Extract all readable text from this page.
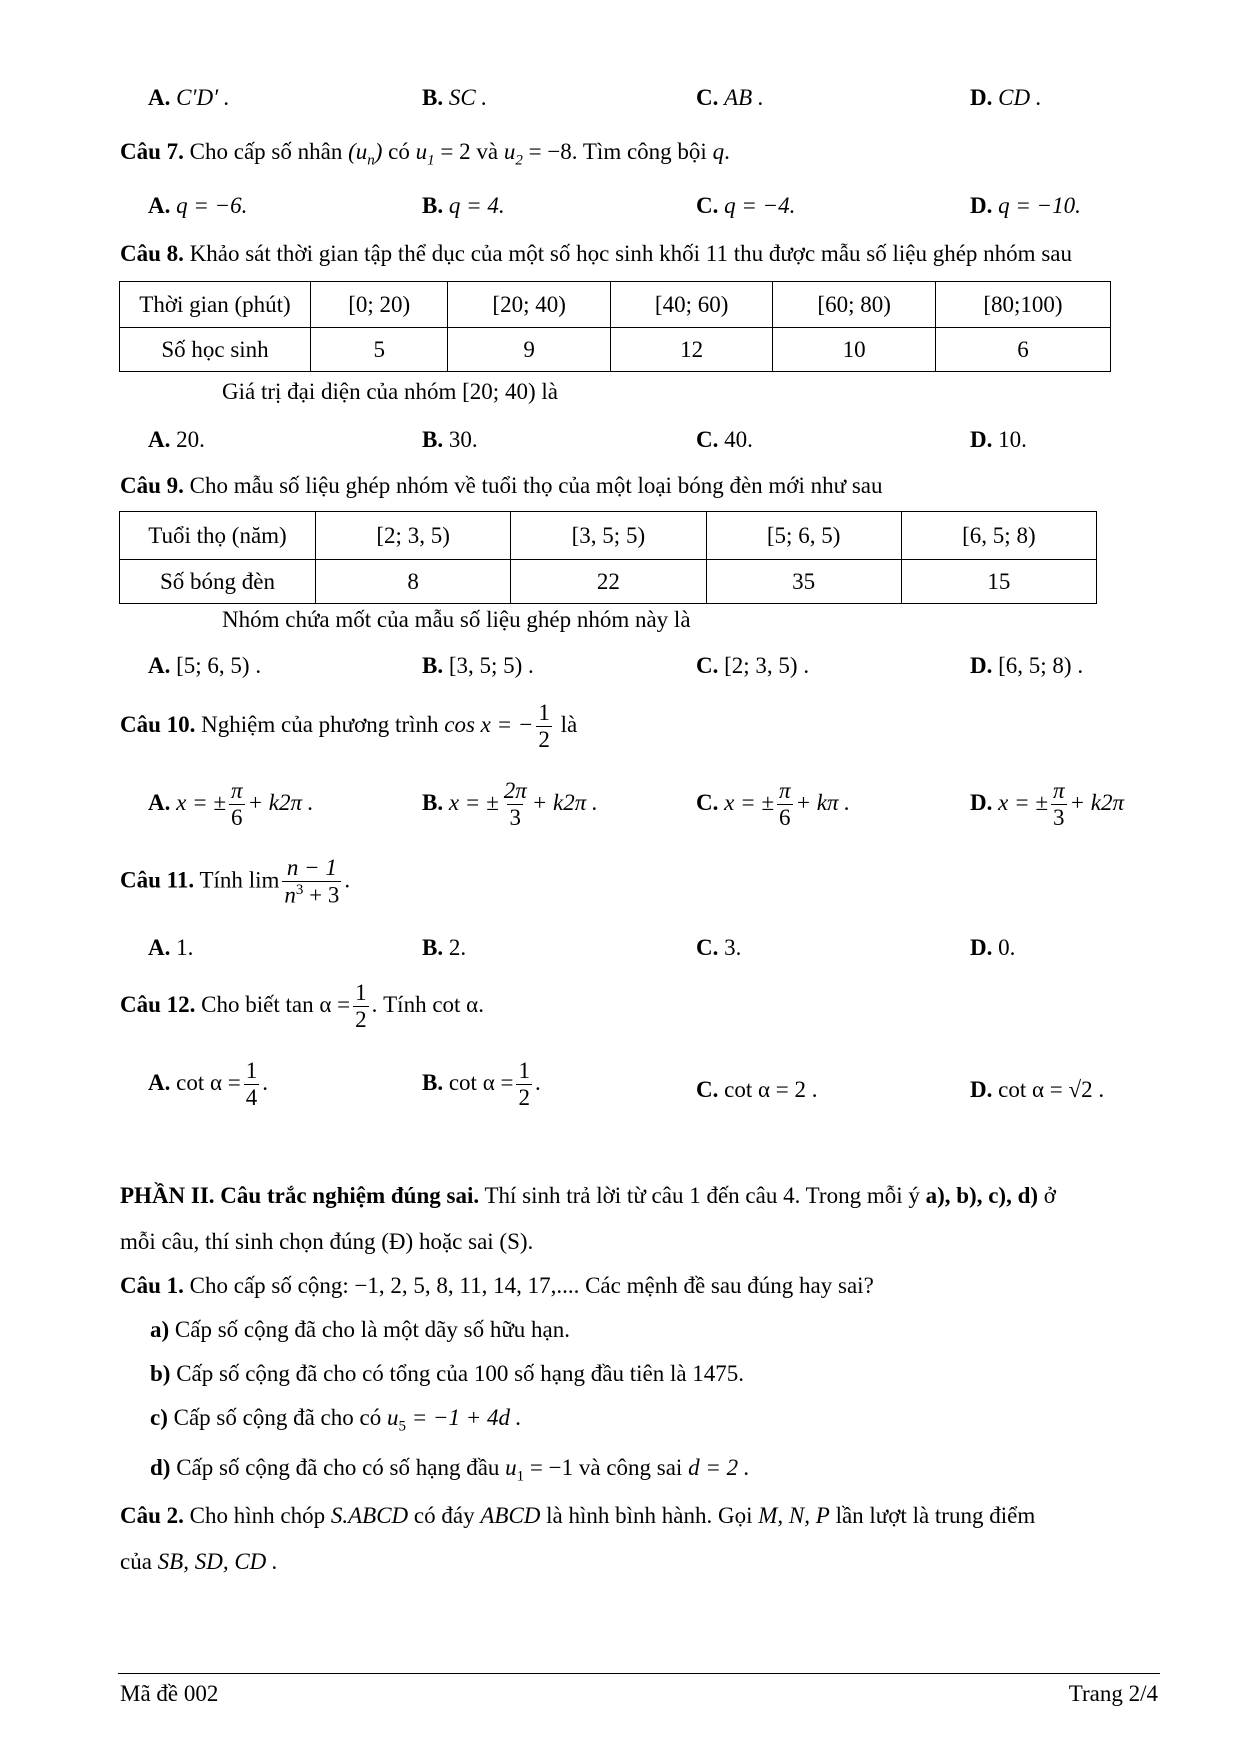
A. C′D′ .	B. SC .	C. AB .	D. CD .
Câu 7. Cho cấp số nhân $(u_n)$ có $u_1 = 2$ và $u_2 = -8$. Tìm công bội q.
A. q = −6.	B. q = 4.	C. q = −4.	D. q = −10.
Câu 8. Khảo sát thời gian tập thể dục của một số học sinh khối 11 thu được mẫu số liệu ghép nhóm sau
Thời gian (phút)	[0; 20)	[20; 40)	[40; 60)	[60; 80)	[80;100)
Số học sinh	5	9	12	10	6
Giá trị đại diện của nhóm [20; 40) là
A. 20.	B. 30.	C. 40.	D. 10.
Câu 9. Cho mẫu số liệu ghép nhóm về tuổi thọ của một loại bóng đèn mới như sau
Tuổi thọ (năm)	[2; 3, 5)	[3, 5; 5)	[5; 6, 5)	[6, 5; 8)
Số bóng đèn	8	22	35	15
Nhóm chứa mốt của mẫu số liệu ghép nhóm này là
A. [5; 6, 5) .	B. [3, 5; 5) .	C. [2; 3, 5) .	D. [6, 5; 8) .
Câu 10. Nghiệm của phương trình cos x = − $\frac{1}{2}$ là
A. x = ± $\frac{\pi}{6} + k2\pi$ .	B. x = ± $\frac{2\pi}{3} + k2\pi$ .	C. x = ± $\frac{\pi}{6} + k\pi$ .	D. x = ± $\frac{\pi}{3} + k2\pi$
Câu 11. Tính $\lim \frac{n - 1}{n^3 + 3}$ .
A. 1.	B. 2.	C. 3.	D. 0.
Câu 12. Cho biết $\tan \alpha = \frac{1}{2}$ . Tính cot α.
A. $\cot \alpha = \frac{1}{4}$ .	B. $\cot \alpha = \frac{1}{2}$ .	C. cot α = 2 .	D. cot α = √2 .
PHẦN II. Câu trắc nghiệm đúng sai. Thí sinh trả lời từ câu 1 đến câu 4. Trong mỗi ý a), b), c), d) ở
mỗi câu, thí sinh chọn đúng (Đ) hoặc sai (S).
Câu 1. Cho cấp số cộng: −1, 2, 5, 8, 11, 14, 17,.... Các mệnh đề sau đúng hay sai?
a) Cấp số cộng đã cho là một dãy số hữu hạn.
b) Cấp số cộng đã cho có tổng của 100 số hạng đầu tiên là 1475.
c) Cấp số cộng đã cho có $u_5 = -1 + 4d$ .
d) Cấp số cộng đã cho có số hạng đầu $u_1 = -1$ và công sai d = 2 .
Câu 2. Cho hình chóp S.ABCD có đáy ABCD là hình bình hành. Gọi M, N, P lần lượt là trung điểm
của SB, SD, CD .
Mã đề 002	Trang 2/4
